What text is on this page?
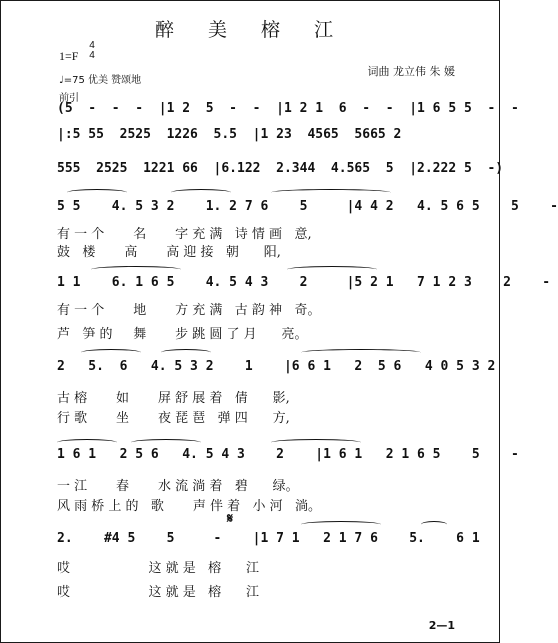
醉 美 榕 江
1=F
4
4
♩=75 优美 赞颂地
词曲 龙立伟 朱 媛
前引
(5  -  -  -  |1 2  5  -  -  |1 2 1  6  -  -  |1 6 5 5  -  -
|:5 55  2525  1226  5.5  |1 23  4565  5665 2
555  2525  1221 66  |6.122  2.344  4.565  5  |2.222 5  -)
5 5    4. 5 3 2    1. 2 7 6    5     |4 4 2   4. 5 6 5    5    -
有 一 个       名       字 充 满   诗 情 画   意,
鼓   楼       高       高 迎 接   朝      阳,
1 1    6. 1 6 5    4. 5 4 3    2     |5 2 1   7 1 2 3    2    -
有 一 个       地       方 充 满   古 韵 神   奇。
芦   笋 的     舞       步 跳 圆 了 月      亮。
2   5.  6   4. 5 3 2    1    |6 6 1   2  5 6   4 0 5 3 2
古 榕       如       屏 舒 展 着   倩      影,
行 歌       坐       夜 琵 琶   弹 四      方,
1 6 1   2 5 6   4. 5 4 3    2    |1 6 1   2 1 6 5    5    -
一 江       春       水 流 淌 着   碧      绿。
风 雨 桥 上 的   歌       声 伴 着   小 河   淌。
𝄋
2.    #4 5    5     -    |1 7 1   2 1 7 6    5.    6 1
哎                   这 就 是   榕      江
哎                   这 就 是   榕      江
2—1
